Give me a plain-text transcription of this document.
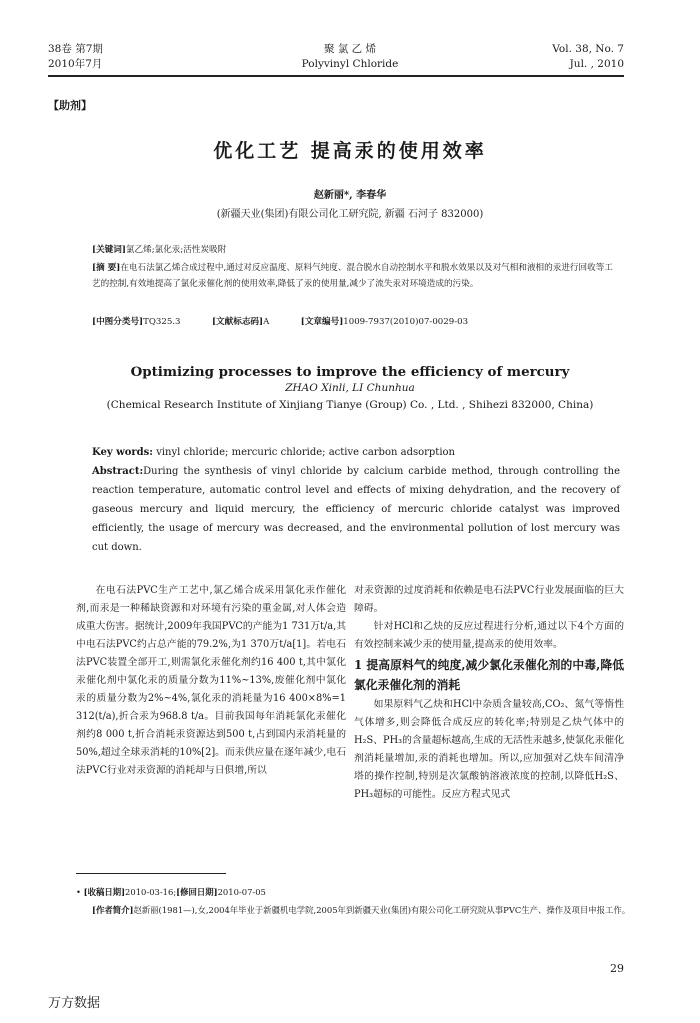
38卷 第7期
2010年7月
聚 氯 乙 烯
Polyvinyl Chloride
Vol. 38, No. 7
Jul. , 2010
【助剂】
优化工艺 提高汞的使用效率
赵新丽*, 李春华
(新疆天业(集团)有限公司化工研究院, 新疆 石河子 832000)
[关键词]氯乙烯;氯化汞;活性炭吸附
[摘 要]在电石法氯乙烯合成过程中,通过对反应温度、原料气纯度、混合脱水自动控制水平和脱水效果以及对气相和液相的汞进行回收等工艺的控制,有效地提高了氯化汞催化剂的使用效率,降低了汞的使用量,减少了流失汞对环境造成的污染。
[中图分类号]TQ325.3	[文献标志码]A	[文章编号]1009-7937(2010)07-0029-03
Optimizing processes to improve the efficiency of mercury
ZHAO Xinli, LI Chunhua
(Chemical Research Institute of Xinjiang Tianye (Group) Co. , Ltd. , Shihezi 832000, China)
Key words: vinyl chloride; mercuric chloride; active carbon adsorption
Abstract:During the synthesis of vinyl chloride by calcium carbide method, through controlling the reaction temperature, automatic control level and effects of mixing dehydration, and the recovery of gaseous mercury and liquid mercury, the efficiency of mercuric chloride catalyst was improved efficiently, the usage of mercury was decreased, and the environmental pollution of lost mercury was cut down.

在电石法PVC生产工艺中,氯乙烯合成采用氯化汞作催化剂,而汞是一种稀缺资源和对环境有污染的重金属,对人体会造成重大伤害。据统计,2009年我国PVC的产能为1 731万t/a,其中电石法PVC约占总产能的79.2%,为1 370万t/a[1]。若电石法PVC装置全部开工,则需氯化汞催化剂约16 400 t,其中氯化汞催化剂中氯化汞的质量分数为11%~13%,废催化剂中氯化汞的质量分数为2%~4%,氯化汞的消耗量为16 400×8%=1 312(t/a),折合汞为968.8 t/a。目前我国每年消耗氯化汞催化剂约8 000 t,折合消耗汞资源达到500 t,占到国内汞消耗量的50%,超过全球汞消耗的10%[2]。而汞供应量在逐年减少,电石法PVC行业对汞资源的消耗却与日俱增,所以

对汞资源的过度消耗和依赖是电石法PVC行业发展面临的巨大障碍。

针对HCl和乙炔的反应过程进行分析,通过以下4个方面的有效控制来减少汞的使用量,提高汞的使用效率。

1 提高原料气的纯度,减少氯化汞催化剂的中毒,降低氯化汞催化剂的消耗

如果原料气乙炔和HCl中杂质含量较高,CO₂、氮气等惰性气体增多,则会降低合成反应的转化率;特别是乙炔气体中的H₂S、PH₃的含量超标越高,生成的无活性汞越多,使氯化汞催化剂消耗量增加,汞的消耗也增加。所以,应加强对乙炔车间清净塔的操作控制,特别是次氯酸钠溶液浓度的控制,以降低H₂S、PH₃超标的可能性。反应方程式见式

• [收稿日期]2010-03-16;[修回日期]2010-07-05
[作者简介]赵新丽(1981—),女,2004年毕业于新疆机电学院,2005年到新疆天业(集团)有限公司化工研究院从事PVC生产、操作及项目申报工作。
29
万方数据
